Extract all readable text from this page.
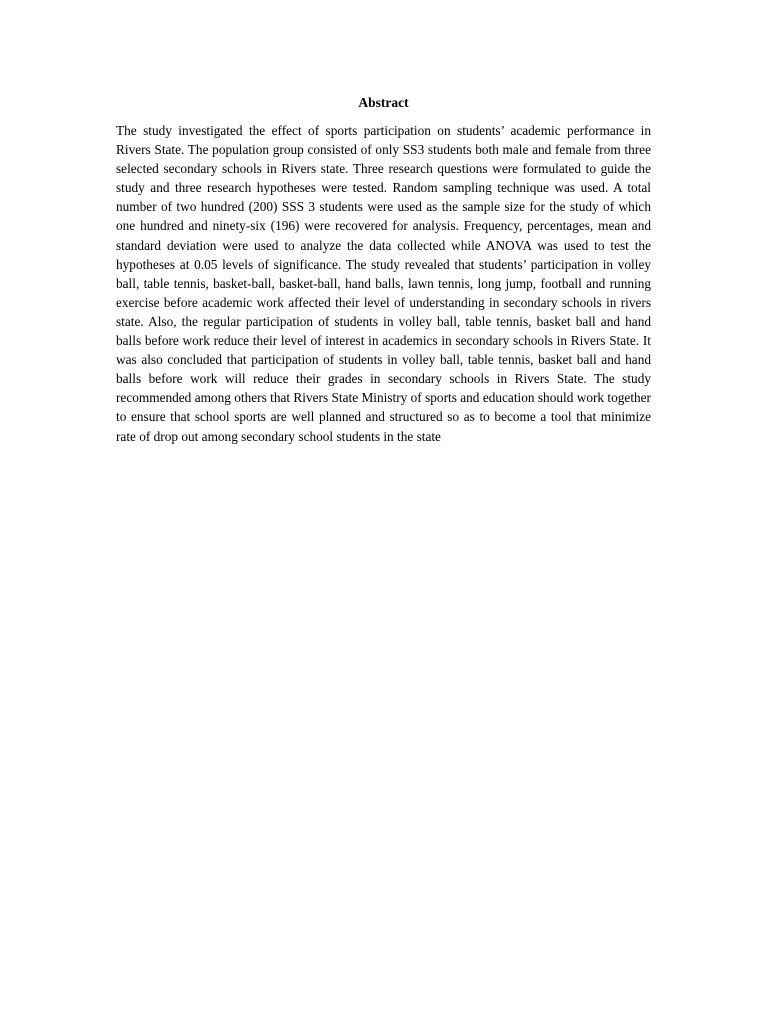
Abstract

The study investigated the effect of sports participation on students’ academic performance in Rivers State. The population group consisted of only SS3 students both male and female from three selected secondary schools in Rivers state. Three research questions were formulated to guide the study and three research hypotheses were tested. Random sampling technique was used. A total number of two hundred (200) SSS 3 students were used as the sample size for the study of which one hundred and ninety-six (196) were recovered for analysis. Frequency, percentages, mean and standard deviation were used to analyze the data collected while ANOVA was used to test the hypotheses at 0.05 levels of significance. The study revealed that students’ participation in volley ball, table tennis, basket-ball, basket-ball, hand balls, lawn tennis, long jump, football and running exercise before academic work affected their level of understanding in secondary schools in rivers state. Also, the regular participation of students in volley ball, table tennis, basket ball and hand balls before work reduce their level of interest in academics in secondary schools in Rivers State. It was also concluded that participation of students in volley ball, table tennis, basket ball and hand balls before work will reduce their grades in secondary schools in Rivers State. The study recommended among others that Rivers State Ministry of sports and education should work together to ensure that school sports are well planned and structured so as to become a tool that minimize rate of drop out among secondary school students in the state
